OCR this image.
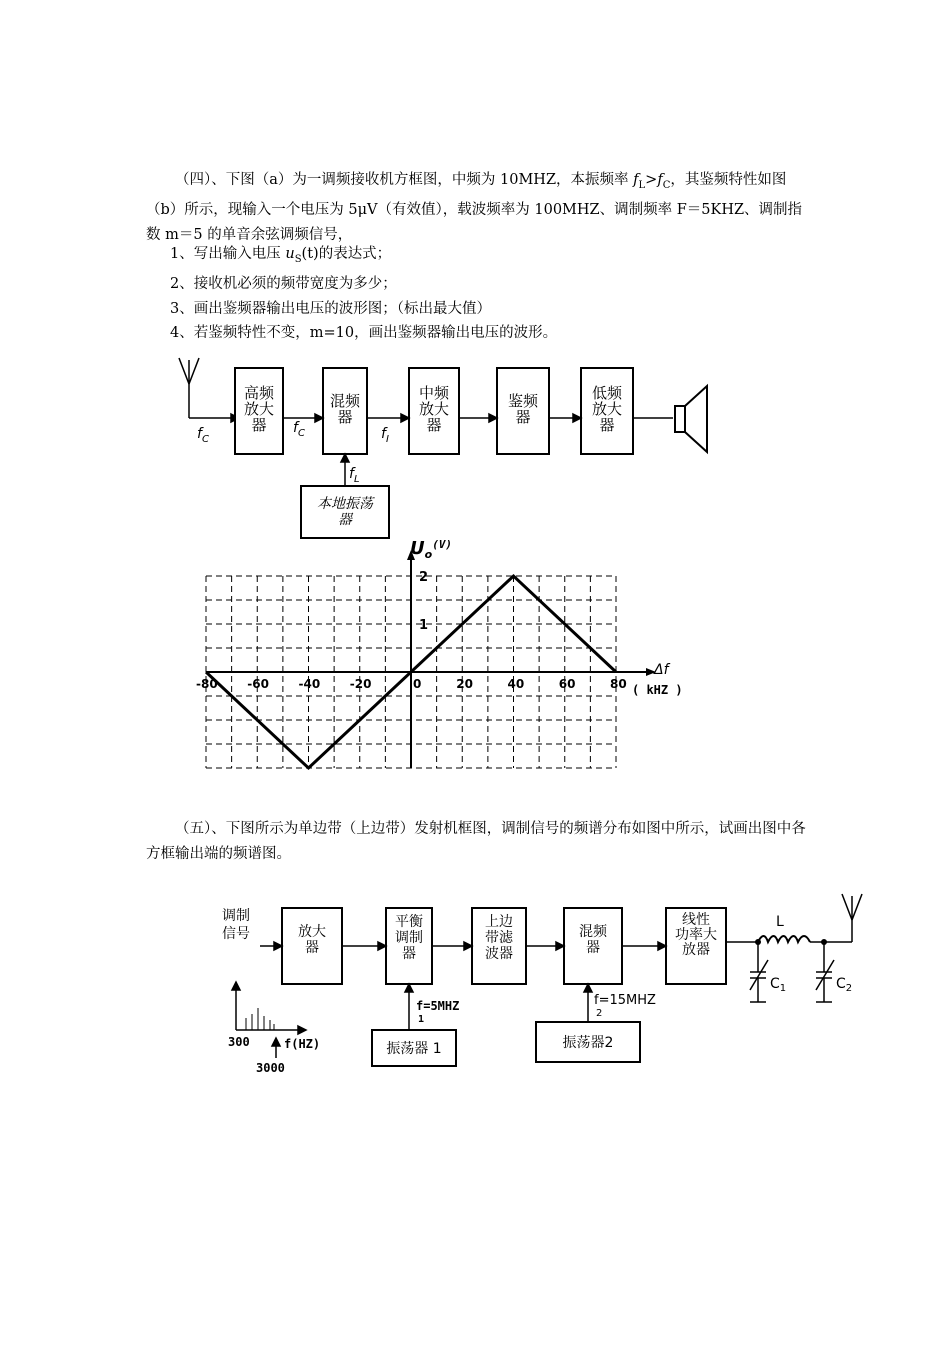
（四）、下图（a）为一调频接收机方框图，中频为 10MHZ，本振频率 $f_L>f_C$，其鉴频特性如图（b）所示，现输入一个电压为 5μV（有效值），载波频率为 100MHZ、调制频率 F＝5KHZ、调制指数 m＝5 的单音余弦调频信号，
1、写出输入电压 $u_S(t)$的表达式；
2、接收机必须的频带宽度为多少；
3、画出鉴频器输出电压的波形图；（标出最大值）
4、若鉴频特性不变，m=10，画出鉴频器输出电压的波形。
高频放大器
混频器
中频放大器
鉴频器
低频放大器
本地振荡器
$f_C$
$f_C$	$f_I$
$f_L$
-80 -60 -40 -20	0	20	40	60	80
2
1
$U_o^{(V)}$
Δf
( kHZ )
（五）、下图所示为单边带（上边带）发射机框图，调制信号的频谱分布如图中所示，试画出图中各方框输出端的频谱图。
调制信号	放大器
平衡调制器
上边带滤波器
混频器
线性功率大放器
振荡器 1	振荡器2
f=5MHZ
1
f=15MHZ
2
L
$C_1$	$C_2$
300
3000
f(HZ)
